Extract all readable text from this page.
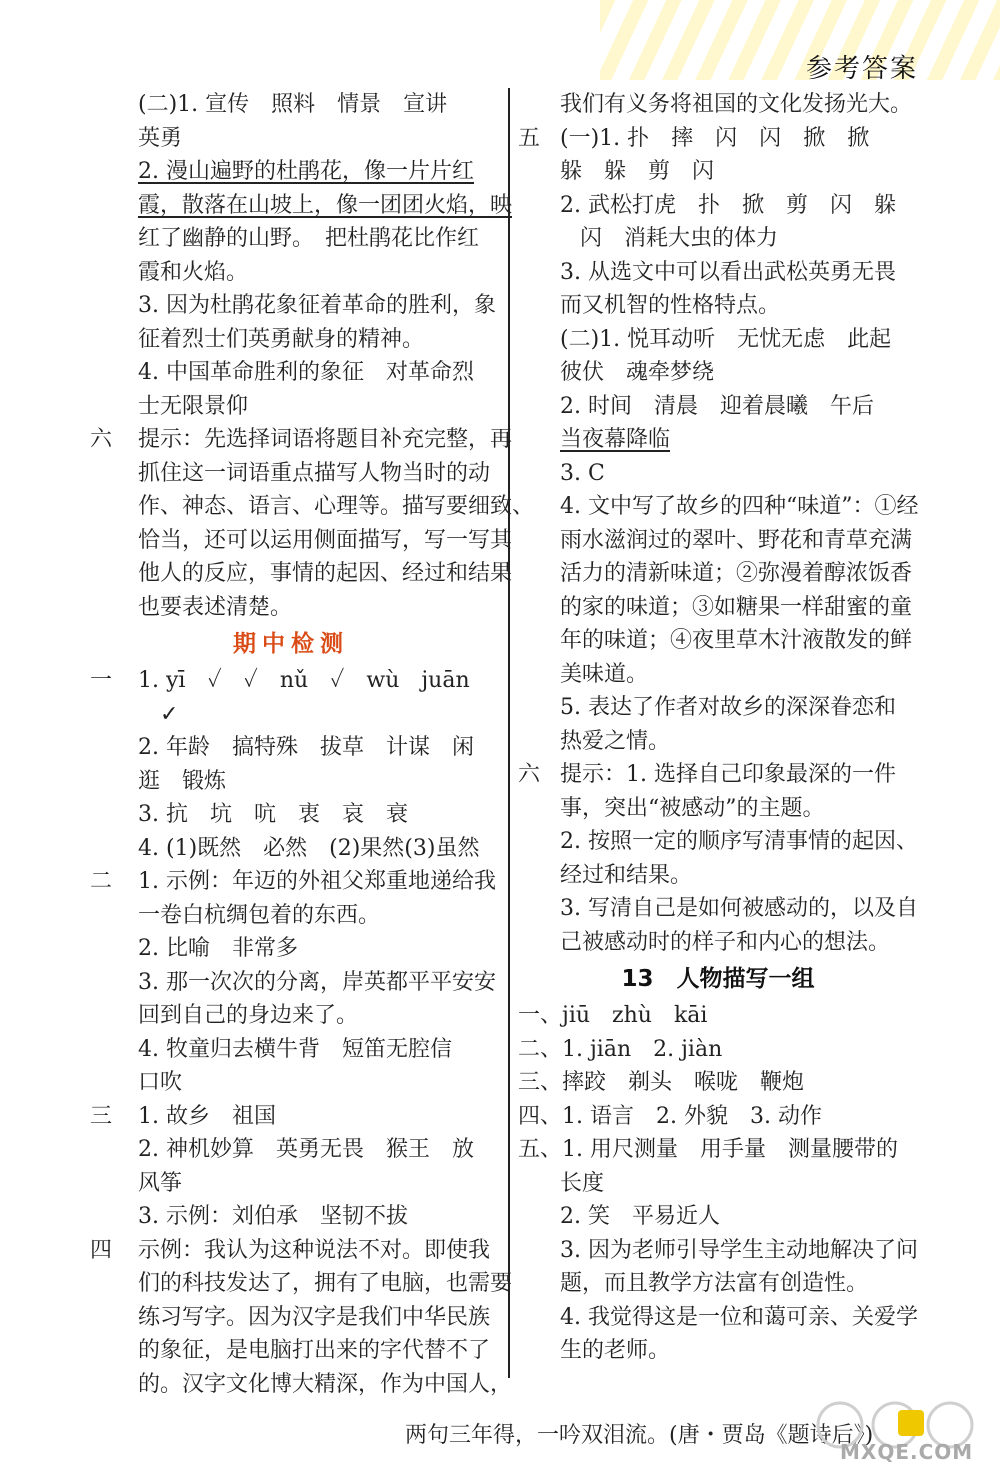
参考答案
(二)1. 宣传　照料　情景　宣讲
英勇
2. 漫山遍野的杜鹃花，像一片片红
霞，散落在山坡上，像一团团火焰，映
红了幽静的山野。　把杜鹃花比作红
霞和火焰。
3. 因为杜鹃花象征着革命的胜利，象
征着烈士们英勇献身的精神。
4. 中国革命胜利的象征　对革命烈
士无限景仰
六 提示：先选择词语将题目补充完整，再
抓住这一词语重点描写人物当时的动
作、神态、语言、心理等。描写要细致、
恰当，还可以运用侧面描写，写一写其
他人的反应，事情的起因、经过和结果
也要表述清楚。
期中检测
一 1. yī　✓　✓　nǔ　✓　wù　juān
✓
2. 年龄　搞特殊　拔草　计谋　闲
逛　锻炼
3. 抗　坑　吭　衷　哀　衰
4. (1)既然　必然　(2)果然(3)虽然
二 1. 示例：年迈的外祖父郑重地递给我
一卷白杭绸包着的东西。
2. 比喻　非常多
3. 那一次次的分离，岸英都平平安安
回到自己的身边来了。
4. 牧童归去横牛背　短笛无腔信
口吹
三 1. 故乡　祖国
2. 神机妙算　英勇无畏　猴王　放
风筝
3. 示例：刘伯承　坚韧不拔
四 示例：我认为这种说法不对。即使我
们的科技发达了，拥有了电脑，也需要
练习写字。因为汉字是我们中华民族
的象征，是电脑打出来的字代替不了
的。汉字文化博大精深，作为中国人，
我们有义务将祖国的文化发扬光大。
五 (一)1. 扑　摔　闪　闪　掀　掀
躲　躲　剪　闪
2. 武松打虎　扑　掀　剪　闪　躲
闪　消耗大虫的体力
3. 从选文中可以看出武松英勇无畏
而又机智的性格特点。
(二)1. 悦耳动听　无忧无虑　此起
彼伏　魂牵梦绕
2. 时间　清晨　迎着晨曦　午后
当夜幕降临
3. C
4. 文中写了故乡的四种“味道”：①经
雨水滋润过的翠叶、野花和青草充满
活力的清新味道；②弥漫着醇浓饭香
的家的味道；③如糖果一样甜蜜的童
年的味道；④夜里草木汁液散发的鲜
美味道。
5. 表达了作者对故乡的深深眷恋和
热爱之情。
六 提示：1. 选择自己印象最深的一件
事，突出“被感动”的主题。
2. 按照一定的顺序写清事情的起因、
经过和结果。
3. 写清自己是如何被感动的，以及自
己被感动时的样子和内心的想法。
13　人物描写一组
一、jiū　zhù　kāi
二、1. jiān　2. jiàn
三、摔跤　剃头　喉咙　鞭炮
四、1. 语言　2. 外貌　3. 动作
五、1. 用尺测量　用手量　测量腰带的
长度
2. 笑　平易近人
3. 因为老师引导学生主动地解决了问
题，而且教学方法富有创造性。
4. 我觉得这是一位和蔼可亲、关爱学
生的老师。
两句三年得，一吟双泪流。(唐・贾岛《题诗后》)
MXQE.COM
